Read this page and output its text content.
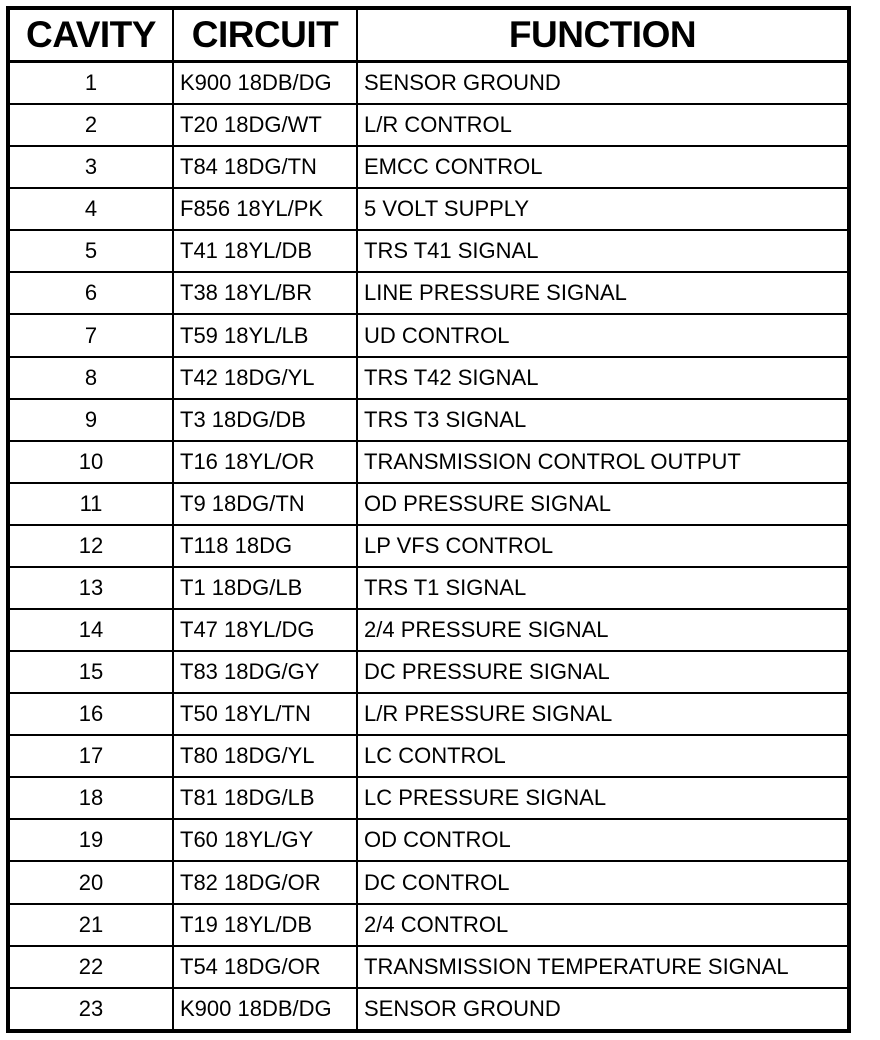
CAVITY	CIRCUIT	FUNCTION
1	K900 18DB/DG	SENSOR GROUND
2	T20 18DG/WT	L/R CONTROL
3	T84 18DG/TN	EMCC CONTROL
4	F856 18YL/PK	5 VOLT SUPPLY
5	T41 18YL/DB	TRS T41 SIGNAL
6	T38 18YL/BR	LINE PRESSURE SIGNAL
7	T59 18YL/LB	UD CONTROL
8	T42 18DG/YL	TRS T42 SIGNAL
9	T3 18DG/DB	TRS T3 SIGNAL
10	T16 18YL/OR	TRANSMISSION CONTROL OUTPUT
11	T9 18DG/TN	OD PRESSURE SIGNAL
12	T118 18DG	LP VFS CONTROL
13	T1 18DG/LB	TRS T1 SIGNAL
14	T47 18YL/DG	2/4 PRESSURE SIGNAL
15	T83 18DG/GY	DC PRESSURE SIGNAL
16	T50 18YL/TN	L/R PRESSURE SIGNAL
17	T80 18DG/YL	LC CONTROL
18	T81 18DG/LB	LC PRESSURE SIGNAL
19	T60 18YL/GY	OD CONTROL
20	T82 18DG/OR	DC CONTROL
21	T19 18YL/DB	2/4 CONTROL
22	T54 18DG/OR	TRANSMISSION TEMPERATURE SIGNAL
23	K900 18DB/DG	SENSOR GROUND
